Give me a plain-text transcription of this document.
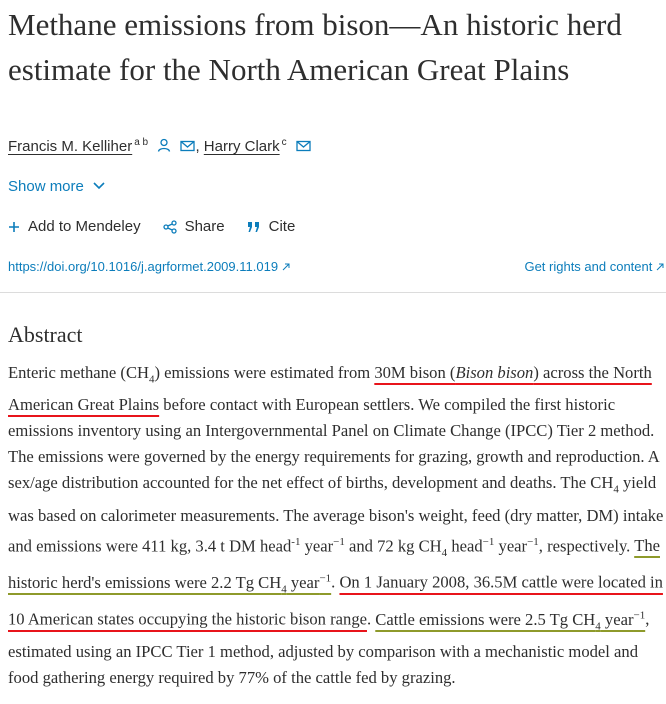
Methane emissions from bison—An historic herd estimate for the North American Great Plains
Francis M. Kelliher $^{a b}$	, Harry Clark $^c$
Show more
Add to Mendeley	Share	Cite
https://doi.org/10.1016/j.agrformet.2009.11.019	Get rights and content
Abstract

Enteric methane $(CH_4)$ emissions were estimated from 30M bison (Bison bison) across the North American Great Plains before contact with European settlers. We compiled the first historic emissions inventory using an Intergovernmental Panel on Climate Change (IPCC) Tier 2 method. The emissions were governed by the energy requirements for grazing, growth and reproduction. A sex/age distribution accounted for the net effect of births, development and deaths. The $CH_4$ yield was based on calorimeter measurements. The average bison's weight, feed (dry matter, DM) intake and emissions were 411 kg, 3.4 t DM head$^{-1}$ year$^{-1}$ and 72 kg $CH_4$ head$^{-1}$ year$^{-1}$, respectively. The historic herd's emissions were 2.2 Tg $CH_4$ year$^{-1}$. On 1 January 2008, 36.5M cattle were located in 10 American states occupying the historic bison range. Cattle emissions were 2.5 Tg $CH_4$ year$^{-1}$, estimated using an IPCC Tier 1 method, adjusted by comparison with a mechanistic model and food gathering energy required by 77% of the cattle fed by grazing.
